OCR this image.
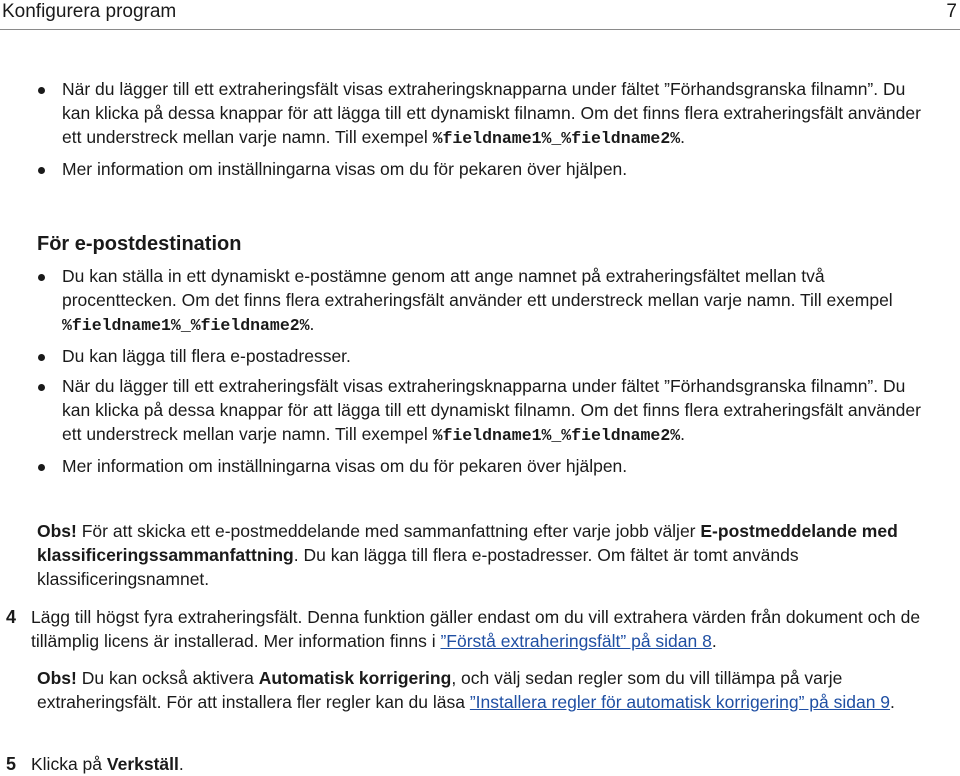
Konfigurera program	7
När du lägger till ett extraheringsfält visas extraheringsknapparna under fältet ”Förhandsgranska filnamn”. Du kan klicka på dessa knappar för att lägga till ett dynamiskt filnamn. Om det finns flera extraheringsfält använder ett understreck mellan varje namn. Till exempel %fieldname1%_%fieldname2%.
Mer information om inställningarna visas om du för pekaren över hjälpen.
För e-postdestination
Du kan ställa in ett dynamiskt e-postämne genom att ange namnet på extraheringsfältet mellan två procenttecken. Om det finns flera extraheringsfält använder ett understreck mellan varje namn. Till exempel %fieldname1%_%fieldname2%.
Du kan lägga till flera e-postadresser.
När du lägger till ett extraheringsfält visas extraheringsknapparna under fältet ”Förhandsgranska filnamn”. Du kan klicka på dessa knappar för att lägga till ett dynamiskt filnamn. Om det finns flera extraheringsfält använder ett understreck mellan varje namn. Till exempel %fieldname1%_%fieldname2%.
Mer information om inställningarna visas om du för pekaren över hjälpen.
Obs! För att skicka ett e-postmeddelande med sammanfattning efter varje jobb väljer E-postmeddelande med klassificeringssammanfattning. Du kan lägga till flera e-postadresser. Om fältet är tomt används klassificeringsnamnet.
4 Lägg till högst fyra extraheringsfält. Denna funktion gäller endast om du vill extrahera värden från dokument och de tillämplig licens är installerad. Mer information finns i ”Förstå extraheringsfält” på sidan 8.
Obs! Du kan också aktivera Automatisk korrigering, och välj sedan regler som du vill tillämpa på varje extraheringsfält. För att installera fler regler kan du läsa ”Installera regler för automatisk korrigering” på sidan 9.
5 Klicka på Verkställ.
